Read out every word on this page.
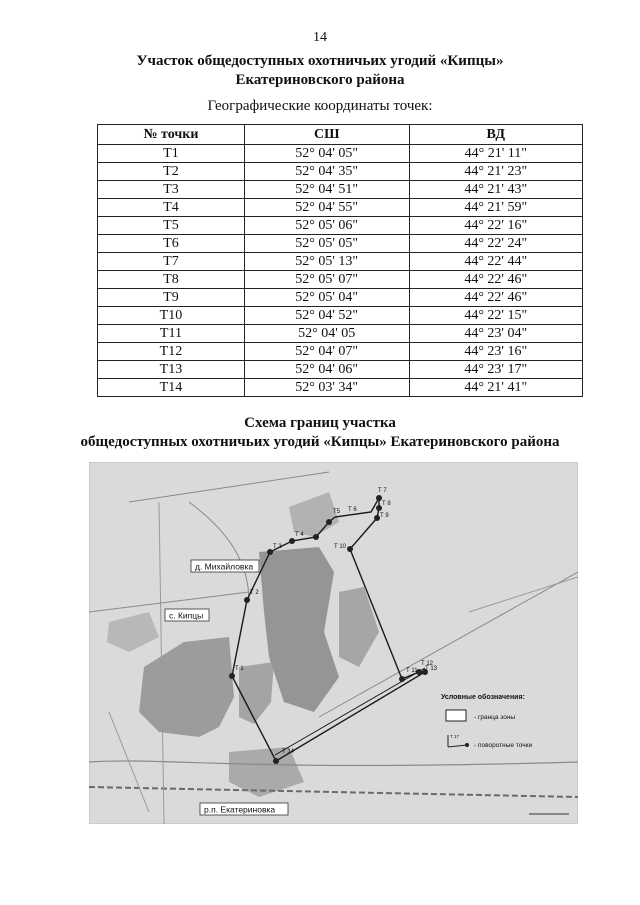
14
Участок общедоступных охотничьих угодий «Кипцы»
Екатериновского района
Географические координаты точек:
№ точки	СШ	ВД
Т1	52° 04' 05"	44° 21' 11"
Т2	52° 04' 35"	44° 21' 23"
Т3	52° 04' 51"	44° 21' 43"
Т4	52° 04' 55"	44° 21' 59"
Т5	52° 05' 06"	44° 22' 16"
Т6	52° 05' 05"	44° 22' 24"
Т7	52° 05' 13"	44° 22' 44"
Т8	52° 05' 07"	44° 22' 46"
Т9	52° 05' 04"	44° 22' 46"
Т10	52° 04' 52"	44° 22' 15"
Т11	52° 04' 05	44° 23' 04"
Т12	52° 04' 07"	44° 23' 16"
Т13	52° 04' 06"	44° 23' 17"
Т14	52° 03' 34"	44° 21' 41"
Схема границ участка
общедоступных охотничьих угодий «Кипцы» Екатериновского района
Т 1
Т 2
Т 3
Т 4
Т5 Т 6
Т 7
Т 8
Т 9
Т 10
Т 11
Т 12
Т 13
Т 14
д. Михайловка
с. Кипцы
р.п. Екатериновка
Условные обозначения:
- гранца зоны
Т 17
- поворотные точки
